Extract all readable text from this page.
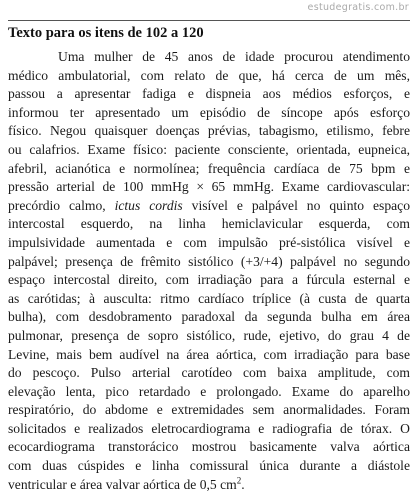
estudegratis.com.br
Texto para os itens de 102 a 120
Uma mulher de 45 anos de idade procurou atendimento
médico ambulatorial, com relato de que, há cerca de um mês,
passou a apresentar fadiga e dispneia aos médios esforços, e
informou ter apresentado um episódio de síncope após esforço
físico. Negou quaisquer doenças prévias, tabagismo, etilismo, febre
ou calafrios. Exame físico: paciente consciente, orientada, eupneica,
afebril, acianótica e normolínea; frequência cardíaca de 75 bpm e
pressão arterial de 100 mmHg × 65 mmHg. Exame cardiovascular:
precórdio calmo, ictus cordis visível e palpável no quinto espaço
intercostal esquerdo, na linha hemiclavicular esquerda, com
impulsividade aumentada e com impulsão pré-sistólica visível e
palpável; presença de frêmito sistólico (+3/+4) palpável no segundo
espaço intercostal direito, com irradiação para a fúrcula esternal e
as carótidas; à ausculta: ritmo cardíaco tríplice (à custa de quarta
bulha), com desdobramento paradoxal da segunda bulha em área
pulmonar, presença de sopro sistólico, rude, ejetivo, do grau 4 de
Levine, mais bem audível na área aórtica, com irradiação para base
do pescoço. Pulso arterial carotídeo com baixa amplitude, com
elevação lenta, pico retardado e prolongado. Exame do aparelho
respiratório, do abdome e extremidades sem anormalidades. Foram
solicitados e realizados eletrocardiograma e radiografia de tórax. O
ecocardiograma transtorácico mostrou basicamente valva aórtica
com duas cúspides e linha comissural única durante a diástole
ventricular e área valvar aórtica de 0,5 $cm^2$.
